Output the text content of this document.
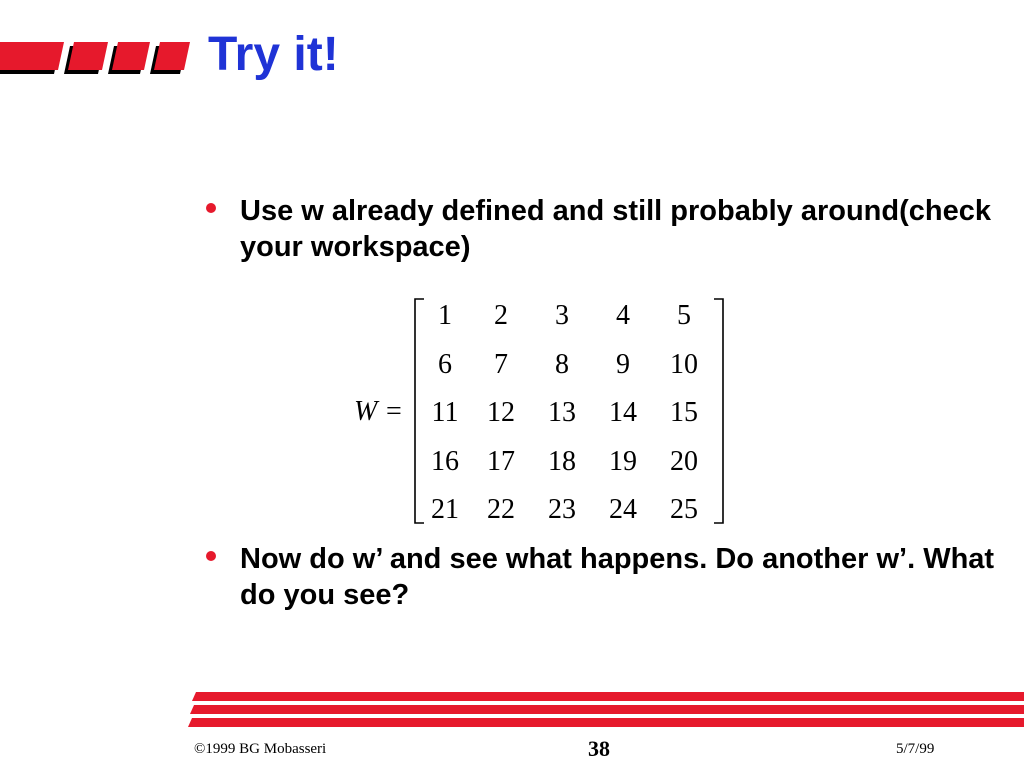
Try it!
Use w already defined and still probably around(check your workspace)
W =
1	2	3	4	5
6	7	8	9	10
11	12	13	14	15
16	17	18	19	20
21	22	23	24	25
Now do w’ and see what happens. Do another w’. What do you see?
©1999 BG Mobasseri	38	5/7/99
